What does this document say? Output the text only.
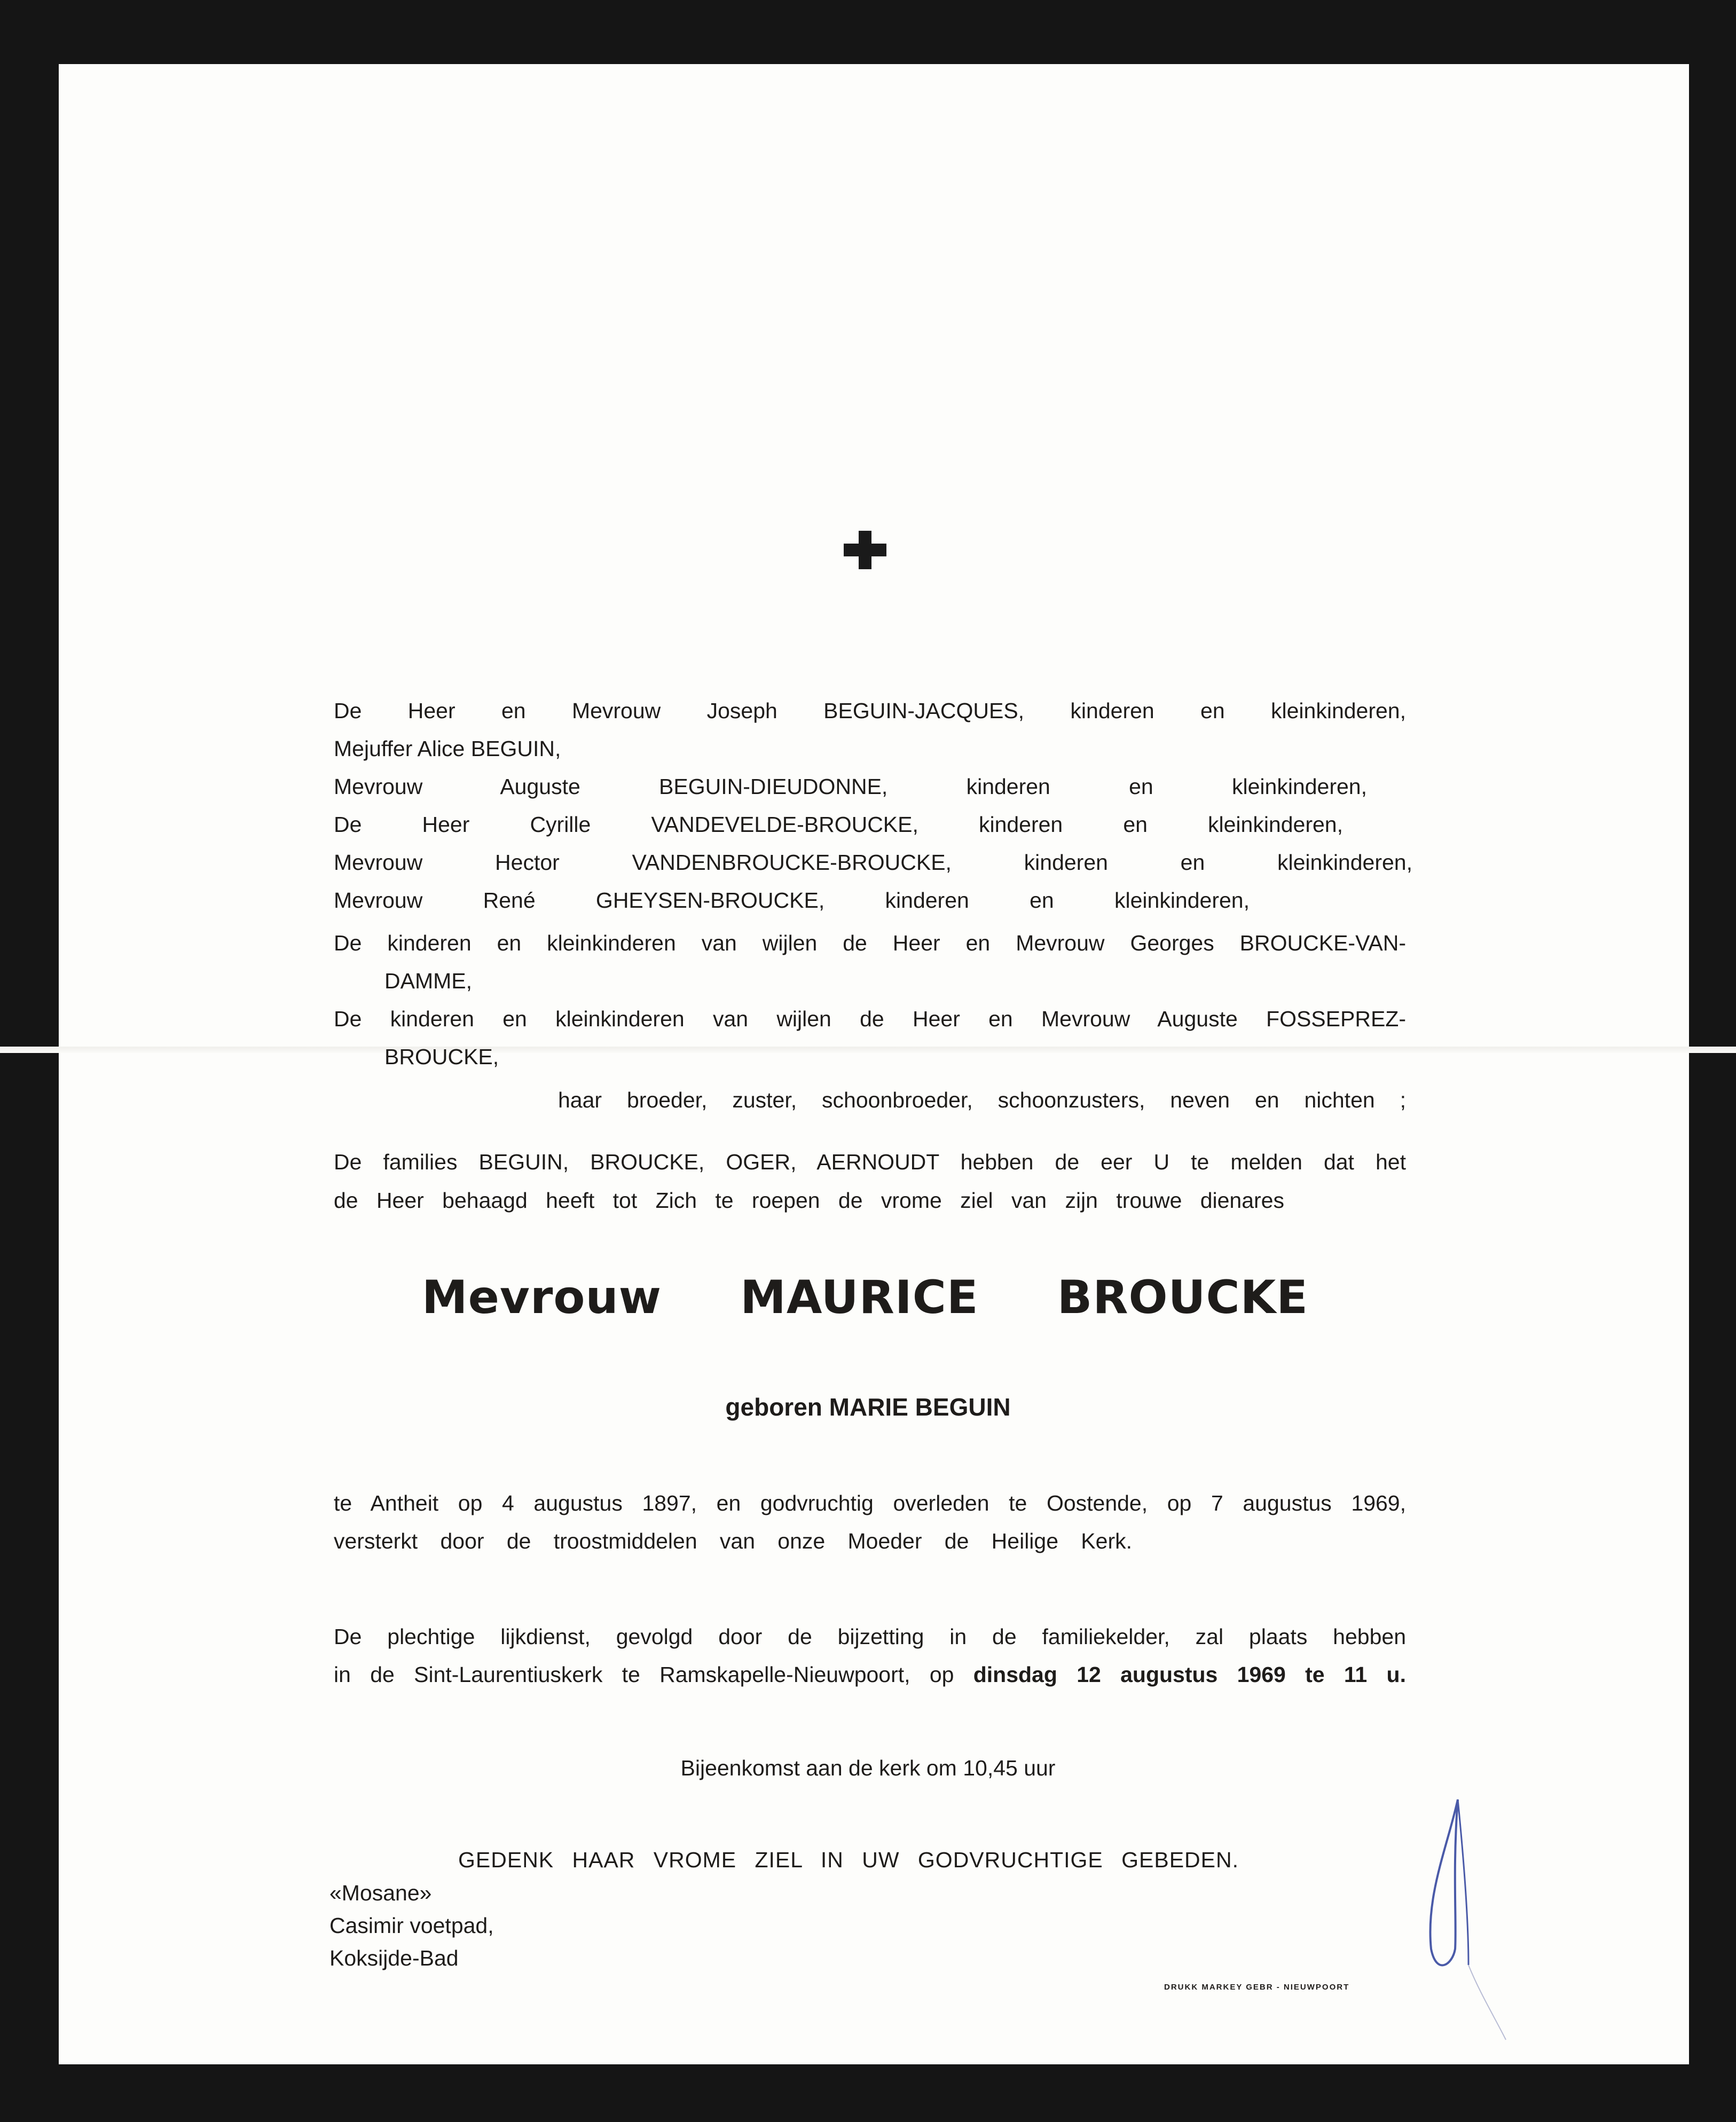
De Heer en Mevrouw Joseph BEGUIN-JACQUES, kinderen en kleinkinderen,
Mejuffer Alice BEGUIN,
Mevrouw Auguste BEGUIN-DIEUDONNE, kinderen en kleinkinderen,
De Heer Cyrille VANDEVELDE-BROUCKE, kinderen en kleinkinderen,
Mevrouw Hector VANDENBROUCKE-BROUCKE, kinderen en kleinkinderen,
Mevrouw René GHEYSEN-BROUCKE, kinderen en kleinkinderen,
De kinderen en kleinkinderen van wijlen de Heer en Mevrouw Georges BROUCKE-VAN-
DAMME,
De kinderen en kleinkinderen van wijlen de Heer en Mevrouw Auguste FOSSEPREZ-
BROUCKE,
haar broeder, zuster, schoonbroeder, schoonzusters, neven en nichten ;
De families BEGUIN, BROUCKE, OGER, AERNOUDT hebben de eer U te melden dat het
de Heer behaagd heeft tot Zich te roepen de vrome ziel van zijn trouwe dienares
Mevrouw MAURICE BROUCKE
geboren MARIE BEGUIN
te Antheit op 4 augustus 1897, en godvruchtig overleden te Oostende, op 7 augustus 1969,
versterkt door de troostmiddelen van onze Moeder de Heilige Kerk.
De plechtige lijkdienst, gevolgd door de bijzetting in de familiekelder, zal plaats hebben
in de Sint-Laurentiuskerk te Ramskapelle-Nieuwpoort, op dinsdag 12 augustus 1969 te 11 u.
Bijeenkomst aan de kerk om 10,45 uur
GEDENK HAAR VROME ZIEL IN UW GODVRUCHTIGE GEBEDEN.
«Mosane»
Casimir voetpad,
Koksijde-Bad
DRUKK MARKEY GEBR - NIEUWPOORT
